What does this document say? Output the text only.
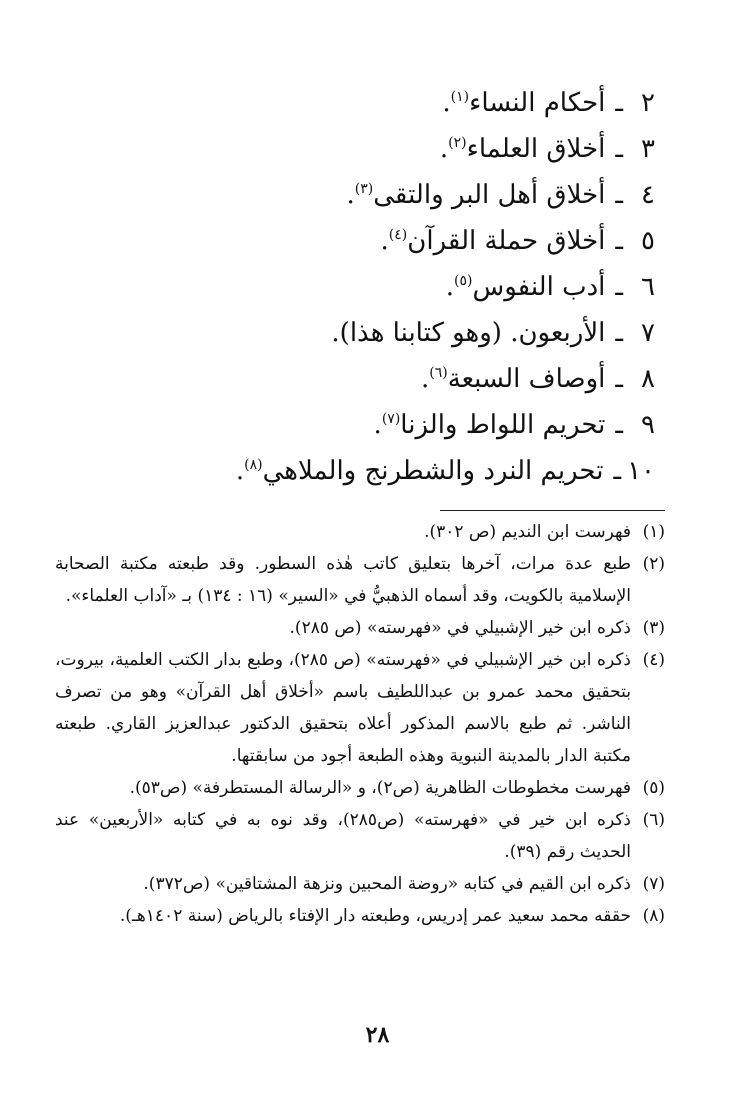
٢ـأحكام النساء$^{(١)}$.
٣ـأخلاق العلماء$^{(٢)}$.
٤ـأخلاق أهل البر والتقى$^{(٣)}$.
٥ـأخلاق حملة القرآن$^{(٤)}$.
٦ـأدب النفوس$^{(٥)}$.
٧ـالأربعون. (وهو كتابنا هذا).
٨ـأوصاف السبعة$^{(٦)}$.
٩ـتحريم اللواط والزنا$^{(٧)}$.
١٠ـتحريم النرد والشطرنج والملاهي$^{(٨)}$.
(١)
فهرست ابن النديم (ص ٣٠٢).
(٢)
طبع عدة مرات، آخرها بتعليق كاتب هٰذه السطور. وقد طبعته مكتبة الصحابة الإسلامية بالكويت، وقد أسماه الذهبيُّ في «السير» (١٦ : ١٣٤) بـ «آداب العلماء».
(٣)
ذكره ابن خير الإشبيلي في «فهرسته» (ص ٢٨٥).
(٤)
ذكره ابن خير الإشبيلي في «فهرسته» (ص ٢٨٥)، وطبع بدار الكتب العلمية، بيروت، بتحقيق محمد عمرو بن عبداللطيف باسم «أخلاق أهل القرآن» وهو من تصرف الناشر. ثم طبع بالاسم المذكور أعلاه بتحقيق الدكتور عبدالعزيز القاري. طبعته مكتبة الدار بالمدينة النبوية وهذه الطبعة أجود من سابقتها.
(٥)
فهرست مخطوطات الظاهرية (ص٢)، و «الرسالة المستطرفة» (ص٥٣).
(٦)
ذكره ابن خير في «فهرسته» (ص٢٨٥)، وقد نوه به في كتابه «الأربعين» عند الحديث رقم (٣٩).
(٧)
ذكره ابن القيم في كتابه «روضة المحبين ونزهة المشتاقين» (ص٣٧٢).
(٨)
حققه محمد سعيد عمر إدريس، وطبعته دار الإفتاء بالرياض (سنة ١٤٠٢هـ).
٢٨
